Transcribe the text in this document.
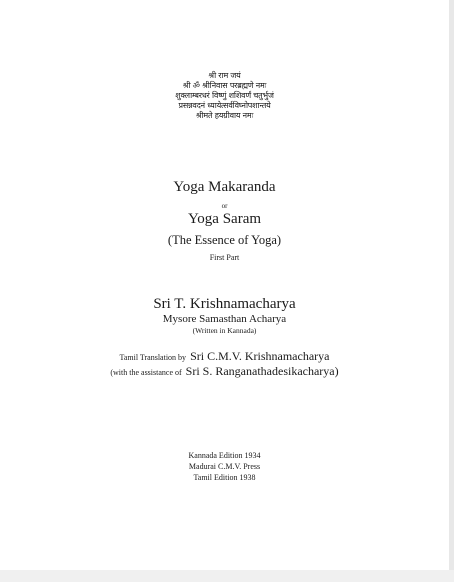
श्री राम जयं
श्री ॐ श्रीनिवास परब्रह्मणे नमः
शुक्लाम्बरधरं विष्णुं शशिवर्णं चतुर्भुजं
प्रसन्नवदनं ध्यायेत्सर्वविघ्नोपशान्तये
श्रीमते हयग्रीवाय नमः
Yoga Makaranda
or
Yoga Saram
(The Essence of Yoga)
First Part
Sri T. Krishnamacharya
Mysore Samasthan Acharya
(Written in Kannada)
Tamil Translation by Sri C.M.V. Krishnamacharya
(with the assistance of Sri S. Ranganathadesikacharya)
Kannada Edition 1934
Madurai C.M.V. Press
Tamil Edition 1938
